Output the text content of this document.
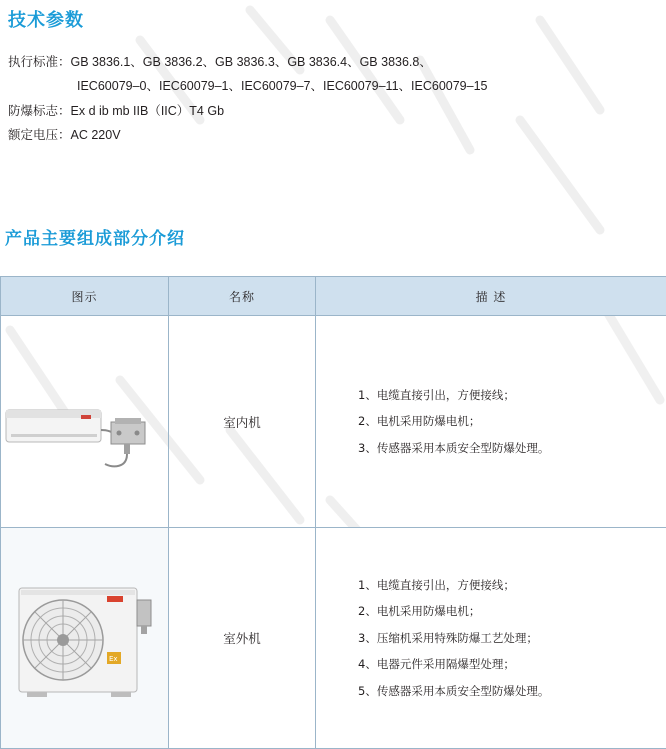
技术参数
执行标准：GB 3836.1、GB 3836.2、GB 3836.3、GB 3836.4、GB 3836.8、
IEC60079–0、IEC60079–1、IEC60079–7、IEC60079–11、IEC60079–15
防爆标志：Ex d ib mb IIB（IIC）T4 Gb
额定电压：AC 220V
产品主要组成部分介绍
图示	名称	描 述
	室内机	1、电缆直接引出，方便接线；
2、电机采用防爆电机；
3、传感器采用本质安全型防爆处理。

Ex	室外机	1、电缆直接引出，方便接线；
2、电机采用防爆电机；
3、压缩机采用特殊防爆工艺处理；
4、电器元件采用隔爆型处理；
5、传感器采用本质安全型防爆处理。
